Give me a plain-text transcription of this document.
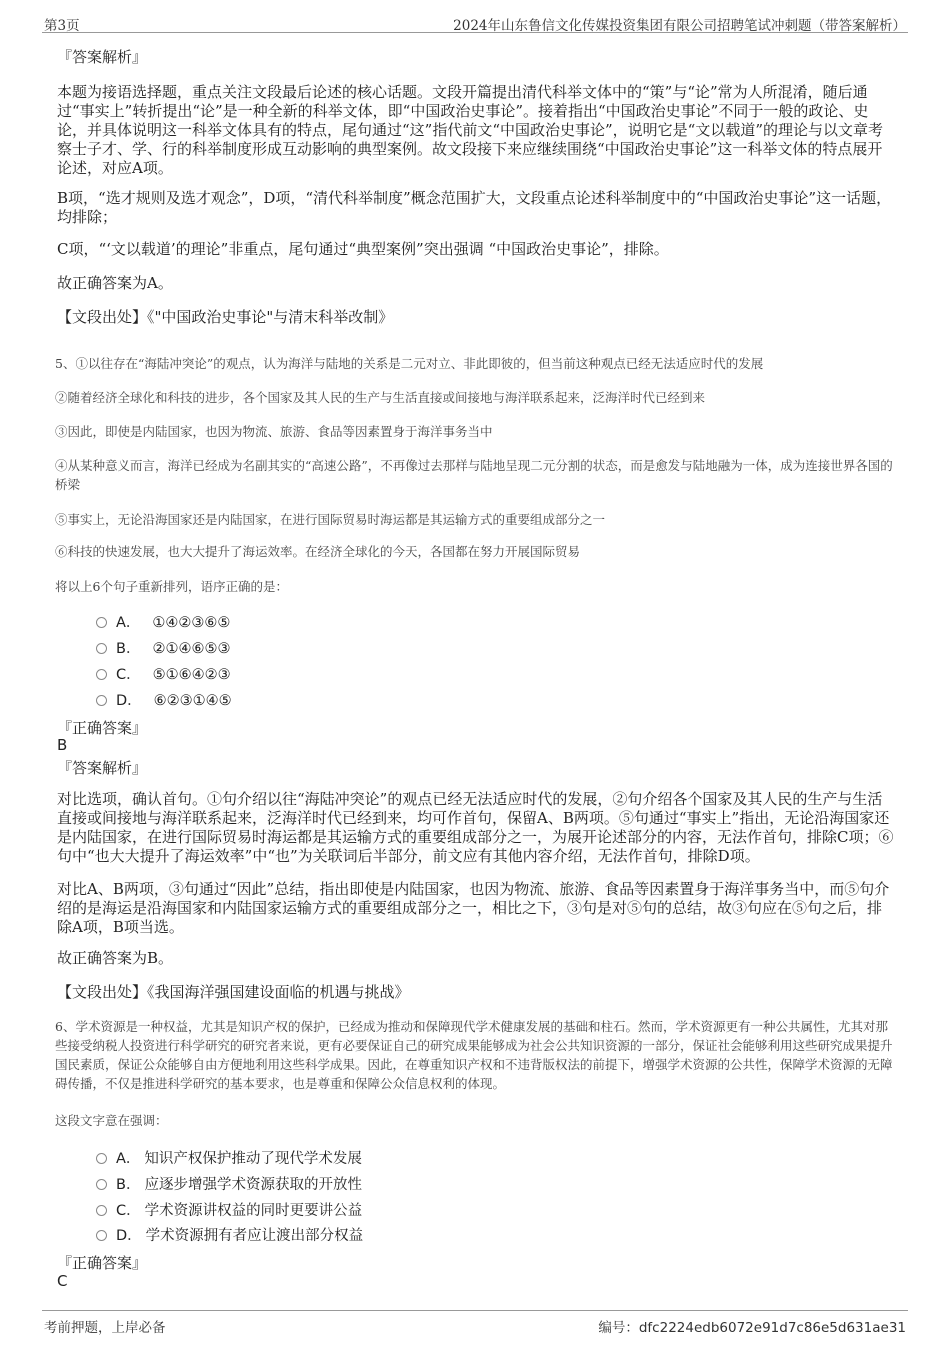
第3页	2024年山东鲁信文化传媒投资集团有限公司招聘笔试冲刺题（带答案解析）

『答案解析』

本题为接语选择题，重点关注文段最后论述的核心话题。文段开篇提出清代科举文体中的“策”与“论”常为人所混淆，随后通过“事实上”转折提出“论”是一种全新的科举文体，即“中国政治史事论”。接着指出“中国政治史事论”不同于一般的政论、史论，并具体说明这一科举文体具有的特点，尾句通过“这”指代前文“中国政治史事论”，说明它是“文以载道”的理论与以文章考察士子才、学、行的科举制度形成互动影响的典型案例。故文段接下来应继续围绕“中国政治史事论”这一科举文体的特点展开论述，对应A项。

B项，“选才规则及选才观念”，D项，“清代科举制度”概念范围扩大，文段重点论述科举制度中的“中国政治史事论”这一话题，均排除；

C项，“‘文以载道’的理论”非重点，尾句通过“典型案例”突出强调 “中国政治史事论”，排除。

故正确答案为A。

【文段出处】《"中国政治史事论"与清末科举改制》

5、①以往存在“海陆冲突论”的观点，认为海洋与陆地的关系是二元对立、非此即彼的，但当前这种观点已经无法适应时代的发展

②随着经济全球化和科技的进步，各个国家及其人民的生产与生活直接或间接地与海洋联系起来，泛海洋时代已经到来

③因此，即使是内陆国家，也因为物流、旅游、食品等因素置身于海洋事务当中

④从某种意义而言，海洋已经成为名副其实的“高速公路”，不再像过去那样与陆地呈现二元分割的状态，而是愈发与陆地融为一体，成为连接世界各国的桥梁

⑤事实上，无论沿海国家还是内陆国家，在进行国际贸易时海运都是其运输方式的重要组成部分之一

⑥科技的快速发展，也大大提升了海运效率。在经济全球化的今天，各国都在努力开展国际贸易

将以上6个句子重新排列，语序正确的是：

A． ①④②③⑥⑤
B． ②①④⑥⑤③
C． ⑤①⑥④②③
D． ⑥②③①④⑤

『正确答案』

B

『答案解析』

对比选项，确认首句。①句介绍以往“海陆冲突论”的观点已经无法适应时代的发展，②句介绍各个国家及其人民的生产与生活直接或间接地与海洋联系起来，泛海洋时代已经到来，均可作首句，保留A、B两项。⑤句通过“事实上”指出，无论沿海国家还是内陆国家，在进行国际贸易时海运都是其运输方式的重要组成部分之一，为展开论述部分的内容，无法作首句，排除C项；⑥句中“也大大提升了海运效率”中“也”为关联词后半部分，前文应有其他内容介绍，无法作首句，排除D项。

对比A、B两项，③句通过“因此”总结，指出即使是内陆国家，也因为物流、旅游、食品等因素置身于海洋事务当中，而⑤句介绍的是海运是沿海国家和内陆国家运输方式的重要组成部分之一，相比之下，③句是对⑤句的总结，故③句应在⑤句之后，排除A项，B项当选。

故正确答案为B。

【文段出处】《我国海洋强国建设面临的机遇与挑战》

6、学术资源是一种权益，尤其是知识产权的保护，已经成为推动和保障现代学术健康发展的基础和柱石。然而，学术资源更有一种公共属性，尤其对那些接受纳税人投资进行科学研究的研究者来说，更有必要保证自己的研究成果能够成为社会公共知识资源的一部分，保证社会能够利用这些研究成果提升国民素质，保证公众能够自由方便地利用这些科学成果。因此，在尊重知识产权和不违背版权法的前提下，增强学术资源的公共性，保障学术资源的无障碍传播，不仅是推进科学研究的基本要求，也是尊重和保障公众信息权利的体现。

这段文字意在强调：

A． 知识产权保护推动了现代学术发展
B． 应逐步增强学术资源获取的开放性
C． 学术资源讲权益的同时更要讲公益
D． 学术资源拥有者应让渡出部分权益

『正确答案』

C

考前押题，上岸必备	编号：dfc2224edb6072e91d7c86e5d631ae31
